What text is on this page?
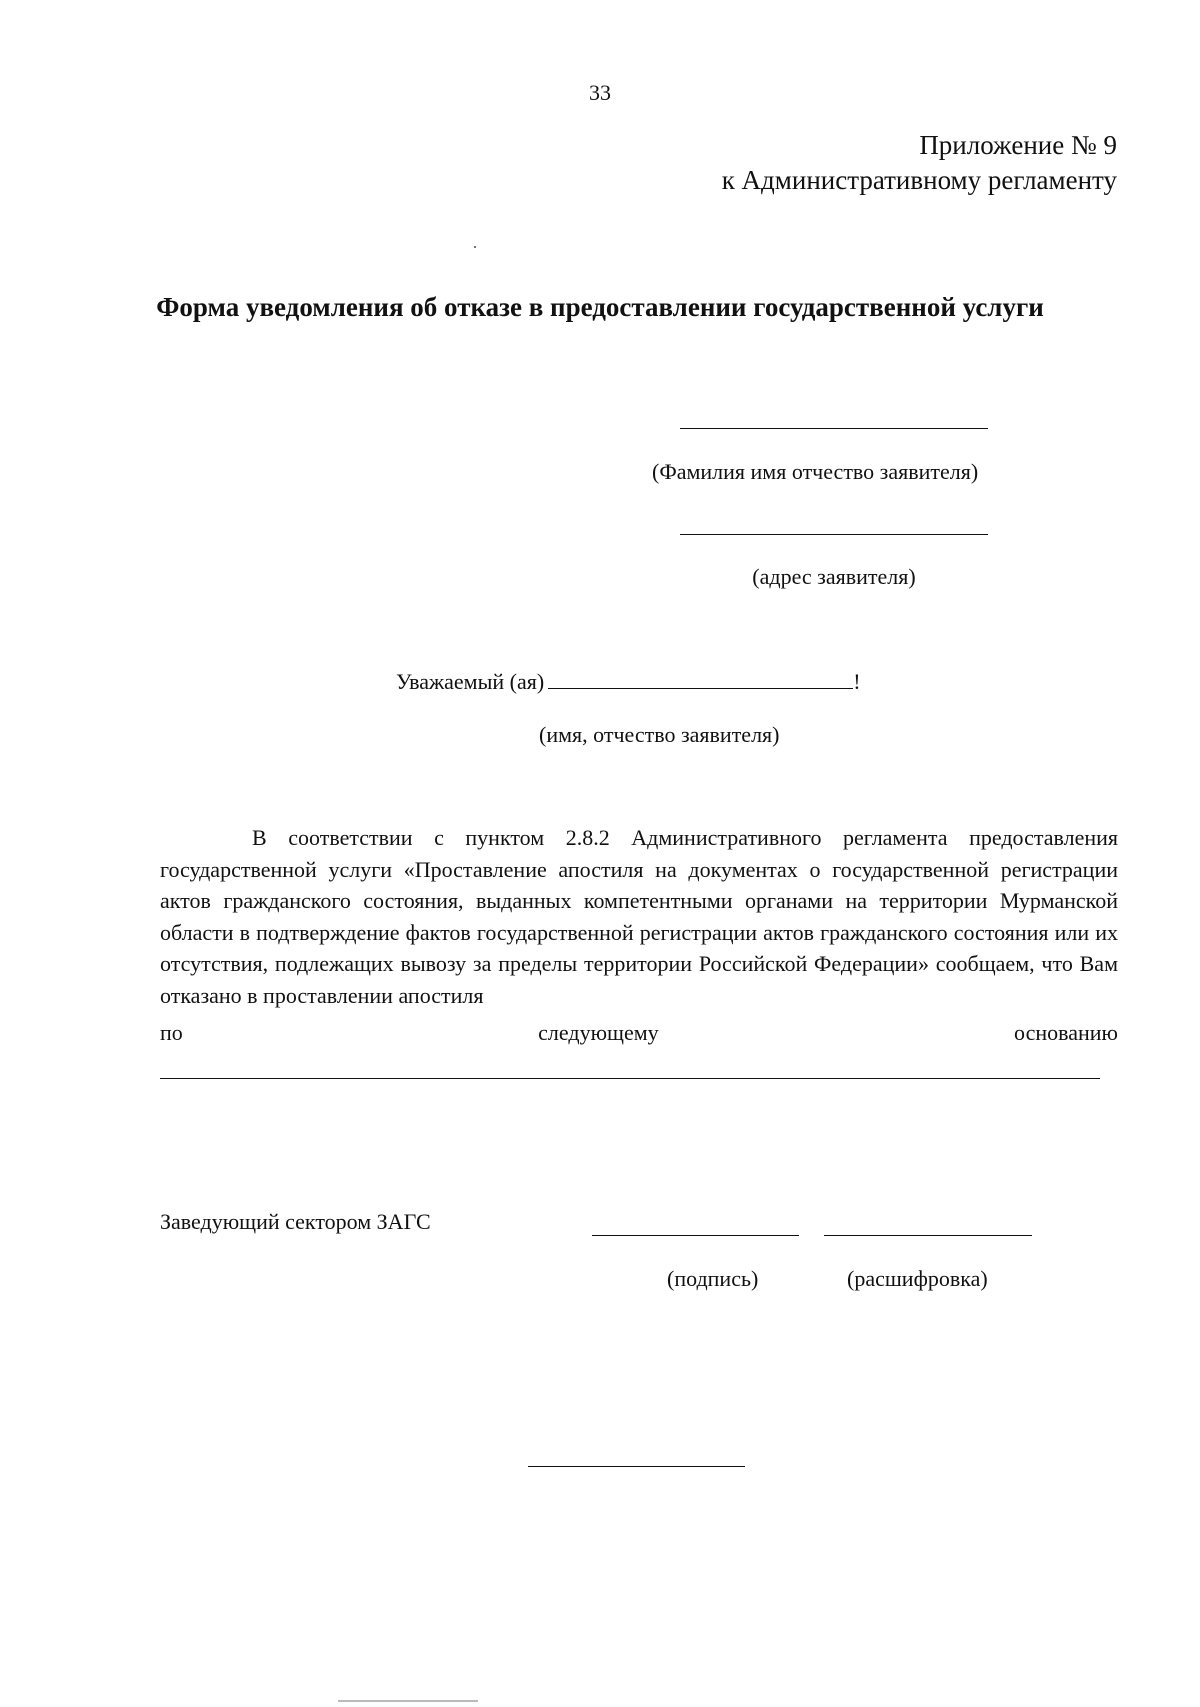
33
Приложение № 9
к Административному регламенту
Форма уведомления об отказе в предоставлении государственной услуги
(Фамилия имя отчество заявителя)
(адрес заявителя)
Уважаемый (ая)	!
(имя, отчество заявителя)
В соответствии с пунктом 2.8.2 Административного регламента предоставления государственной услуги «Проставление апостиля на документах о государственной регистрации актов гражданского состояния, выданных компетентными органами на территории Мурманской области в подтверждение фактов государственной регистрации актов гражданского состояния или их отсутствия, подлежащих вывозу за пределы территории Российской Федерации» сообщаем, что Вам отказано в проставлении апостиля
по	следующему	основанию
Заведующий сектором ЗАГС
(подпись)	(расшифровка)
